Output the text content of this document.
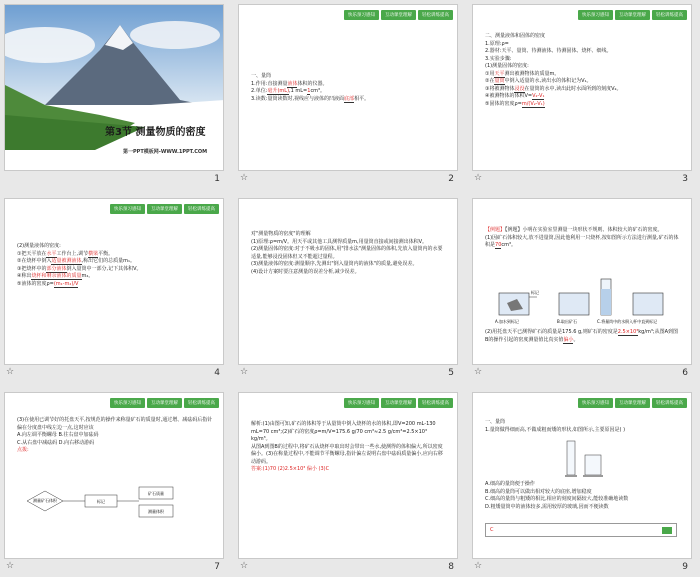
第3节 测量物质的密度
第一PPT模板网-WWW.1PPT.COM
1
快乐预习感知	互动课堂理解	轻松训练提高
一、量筒
1.作用:直接测量液体体积的仪器。
2.单位:毫升(mL),1 mL=1cm³。
3.读数:量筒读数时,视线应与液体的凹液面底部相平。
☆	2
快乐预习感知	互动课堂理解	轻松训练提高
二、测量液体和固体的密度
1.原理:ρ=
2.器材:天平、量筒、待测液体、待测固体、烧杯、细线。
3.实验步骤:
(1)测量固体的密度:
①用天平测出被测物体的质量m。
②在量筒中倒入适量的水,读出水的体积记为V₁。
③将被测物体浸没在量筒的水中,读出此时水面所到的刻度V₂。
④被测物体的体积V=V₂-V₁
⑤固体的密度ρ=m/(V₂-V₁)
☆	3
快乐预习感知	互动课堂理解	轻松训练提高
(2)测量液体的密度:
①把天平放在水平工作台上,调节横梁平衡。
②在烧杯中倒入适量被测液体,称出它们的总质量m₁。
③把烧杯中的部分液体倒入量筒中一部分,记下其体积V。
④称出烧杯和剩余液体的质量m₂。
⑤液体的密度ρ=(m₁-m₂)/V
☆	4
对"测量物质的密度"的理解
(1)原理:ρ=m/V。用天平或其他工具测得质量m,用量筒直接或间接测出体积V。
(2)测量固体的密度:对于不吸水的固体,用"排水法"测量固体的体积,先放入量筒内的水要适量,能够浸没固体但又不能超过量程。
(3)测量液体的密度:测量顺序,先测出"倒入量筒内的液体"的质量,避免误差。
(4)设计方案时要注意测量的误差分析,减少误差。
☆	5
【例题】【例题】小明在实验室里测量一块形状不规则、体积较大的矿石的密度。
(1)因矿石体积较大,放不进量筒,因此他利用一只烧杯,按如图所示方法进行测量,矿石的体积是70cm³。
标记
A.加水到标记	B.取出矿石	C.将量筒中的水倒入杯中直到标记
(2)用托盘天平已测得矿石的质量是175.6 g,则矿石的密度是2.5×10³kg/m³;从图A到图B的操作引起的密度测量值比真实值偏小。
☆	6
快乐预习感知	互动课堂理解	轻松训练提高
(3)在使用已调节好的托盘天平,按规范的操作来称量矿石的质量时,通过增、减砝码后指针偏在分度盘中线左边一点,这时应该
A.向左调平衡螺母 B.往右盘中加砝码
C.从右盘中减砝码 D.向右移动游码
点拨:
测量矿石体积	标记
矿石质量
测量体积
☆	7
快乐预习感知	互动课堂理解	轻松训练提高
解析:(1)由图可知,矿石的体积等于从量筒中倒入烧杯的水的体积,即V=200 mL-130 mL=70 cm³;(2)矿石的密度ρ=m/V=175.6 g/70 cm³≈2.5 g/cm³=2.5×10³ kg/m³。
从图A到图B的过程中,将矿石从烧杯中取出时会带出一些水,使测得的体积偏大,所以密度偏小。(3)在称量过程中,不能调节平衡螺母,指针偏左说明右盘中砝码质量偏小,应向右移动游码。
答案:(1)70 (2)2.5×10³ 偏小 (3)C
☆	8
快乐预习感知	互动课堂理解	轻松训练提高
一、量筒
1.量筒做得细而高,不做成粗而矮的形状,如图所示,主要原因是( )
A.细高的量筒便于操作
B.细高的量筒可以做出相对较大的底座,增加稳度
C.细高的量筒与粗矮的相比,相应的刻度间隔较大,能较准确地读数
D.粗矮量筒中的液体较多,需用较厚的玻璃,因而不便读数
C
☆	9
